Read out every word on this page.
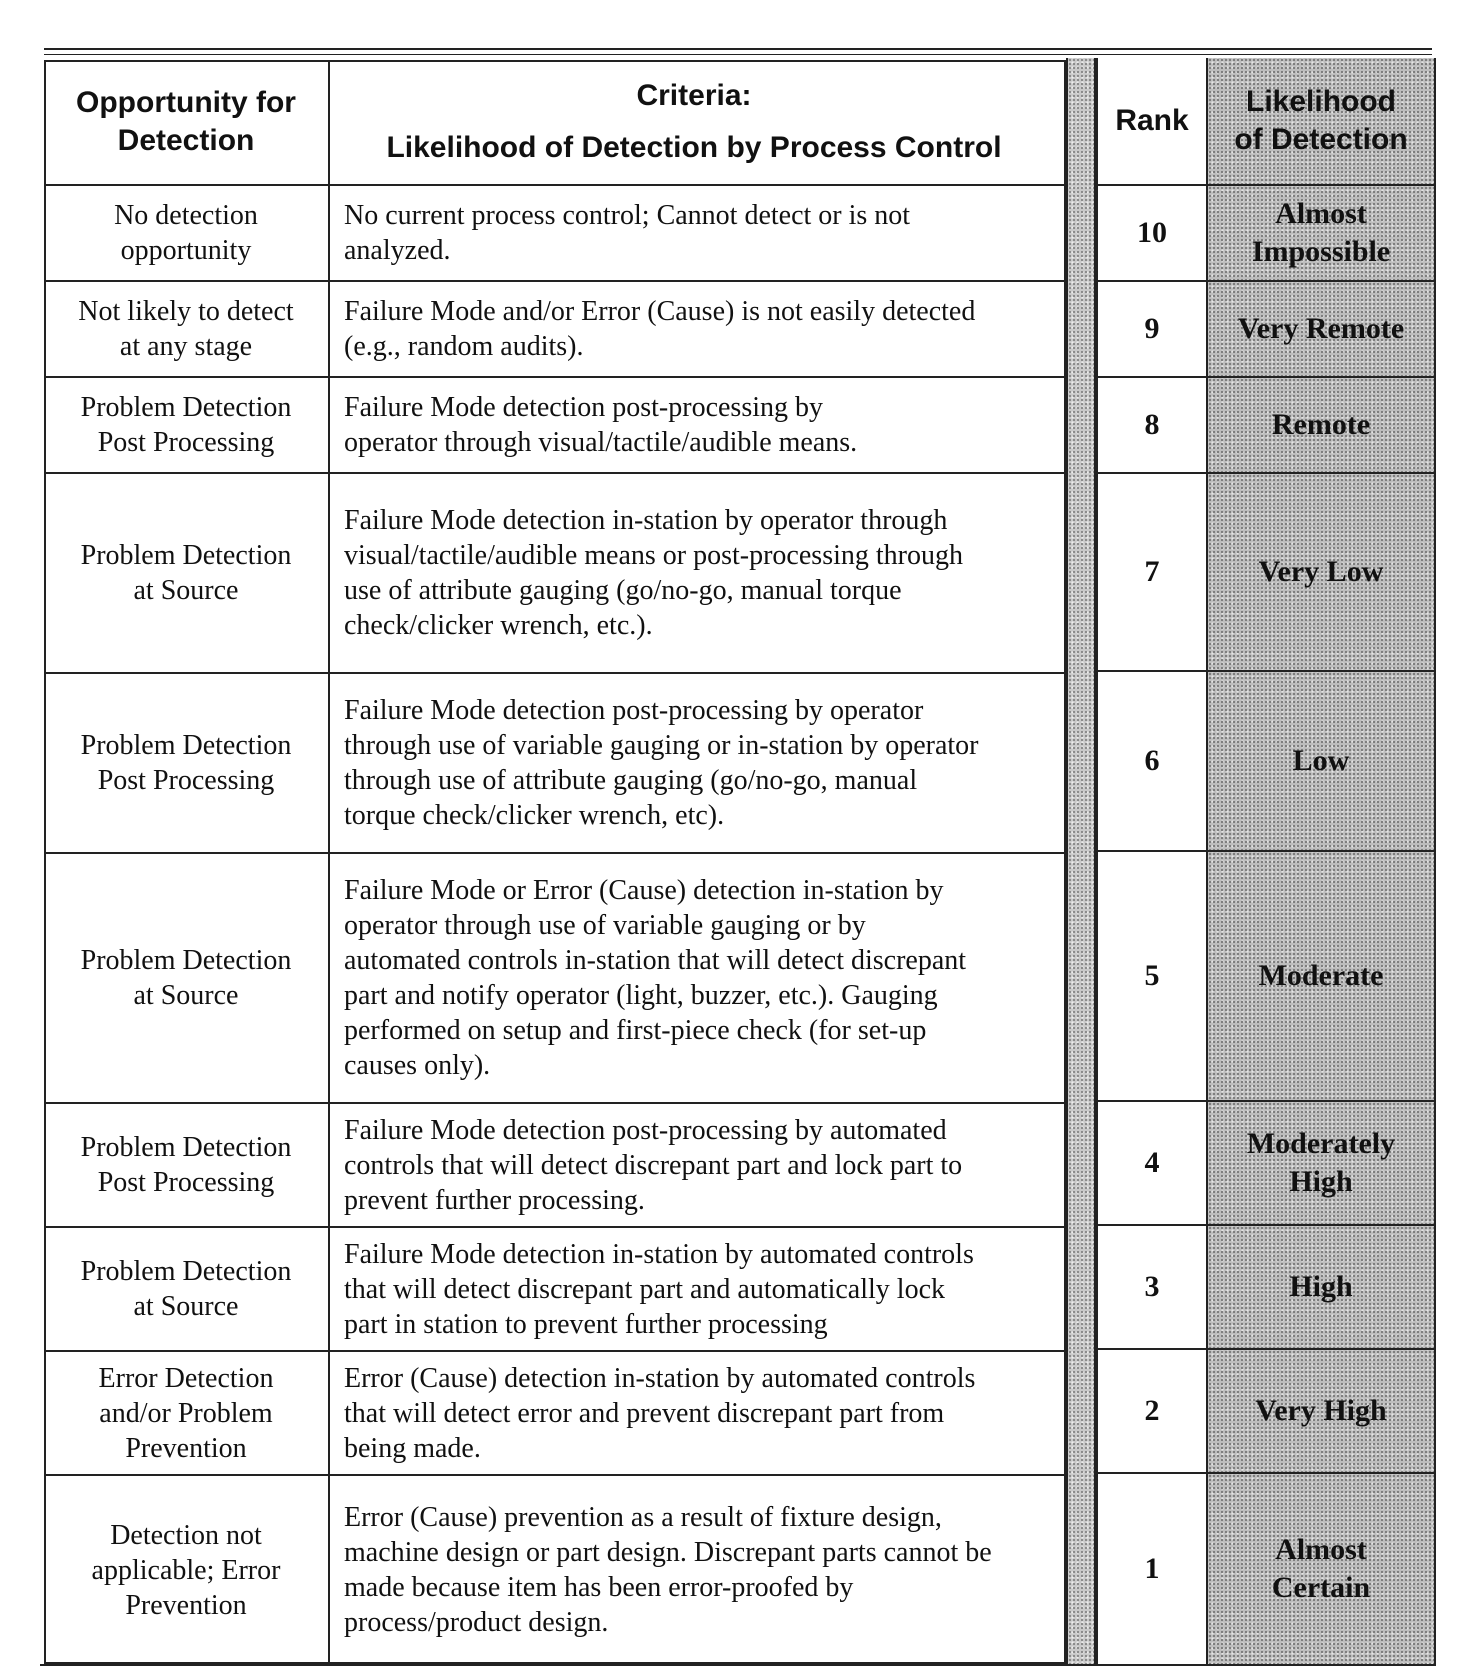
Opportunity for
Detection
Criteria:
Likelihood of Detection by Process Control
No detection
opportunity
No current process control; Cannot detect or is not
analyzed.
Not likely to detect
at any stage
Failure Mode and/or Error (Cause) is not easily detected
(e.g., random audits).
Problem Detection
Post Processing
Failure Mode detection post-processing by
operator through visual/tactile/audible means.
Problem Detection
at Source
Failure Mode detection in-station by operator through
visual/tactile/audible means or post-processing through
use of attribute gauging (go/no-go, manual torque
check/clicker wrench, etc.).
Problem Detection
Post Processing
Failure Mode detection post-processing by operator
through use of variable gauging or in-station by operator
through use of attribute gauging (go/no-go, manual
torque check/clicker wrench, etc).
Problem Detection
at Source
Failure Mode or Error (Cause) detection in-station by
operator through use of variable gauging or by
automated controls in-station that will detect discrepant
part and notify operator (light, buzzer, etc.). Gauging
performed on setup and first-piece check (for set-up
causes only).
Problem Detection
Post Processing
Failure Mode detection post-processing by automated
controls that will detect discrepant part and lock part to
prevent further processing.
Problem Detection
at Source
Failure Mode detection in-station by automated controls
that will detect discrepant part and automatically lock
part in station to prevent further processing
Error Detection
and/or Problem
Prevention
Error (Cause) detection in-station by automated controls
that will detect error and prevent discrepant part from
being made.
Detection not
applicable; Error
Prevention
Error (Cause) prevention as a result of fixture design,
machine design or part design. Discrepant parts cannot be
made because item has been error-proofed by
process/product design.
Rank
10
9
8
7
6
5
4
3
2
1
Likelihood
of Detection
Almost
Impossible
Very Remote
Remote
Very Low
Low
Moderate
Moderately
High
High
Very High
Almost
Certain
